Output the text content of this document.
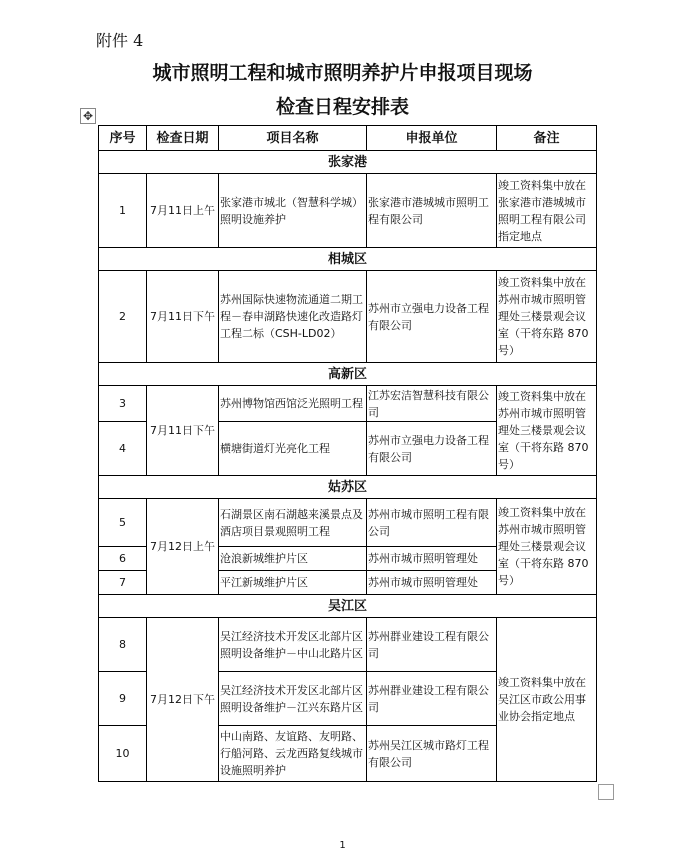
附件 4
城市照明工程和城市照明养护片申报项目现场
检查日程安排表
✥
序号	检查日期	项目名称	申报单位	备注
张家港				
1	7月11日上午	张家港市城北（智慧科学城）照明设施养护	张家港市港城城市照明工程有限公司	竣工资料集中放在张家港市港城城市照明工程有限公司指定地点
相城区				
2	7月11日下午	苏州国际快速物流通道二期工程－春申湖路快速化改造路灯工程二标（CSH-LD02）	苏州市立强电力设备工程有限公司	竣工资料集中放在苏州市城市照明管理处三楼景观会议室（干将东路 870 号）
高新区				
3	7月11日下午	苏州博物馆西馆泛光照明工程	江苏宏洁智慧科技有限公司	竣工资料集中放在苏州市城市照明管理处三楼景观会议室（干将东路 870 号）
4		横塘街道灯光亮化工程	苏州市立强电力设备工程有限公司	
姑苏区				
5	7月12日上午	石湖景区南石湖越来溪景点及酒店项目景观照明工程	苏州市城市照明工程有限公司	竣工资料集中放在苏州市城市照明管理处三楼景观会议室（干将东路 870 号）
6		沧浪新城维护片区	苏州市城市照明管理处	
7		平江新城维护片区	苏州市城市照明管理处	
吴江区				
8	7月12日下午	吴江经济技术开发区北部片区照明设备维护－中山北路片区	苏州群业建设工程有限公司	竣工资料集中放在吴江区市政公用事业协会指定地点
9		吴江经济技术开发区北部片区照明设备维护－江兴东路片区	苏州群业建设工程有限公司	
10		中山南路、友谊路、友明路、行船河路、云龙西路复线城市设施照明养护	苏州吴江区城市路灯工程有限公司	
1
